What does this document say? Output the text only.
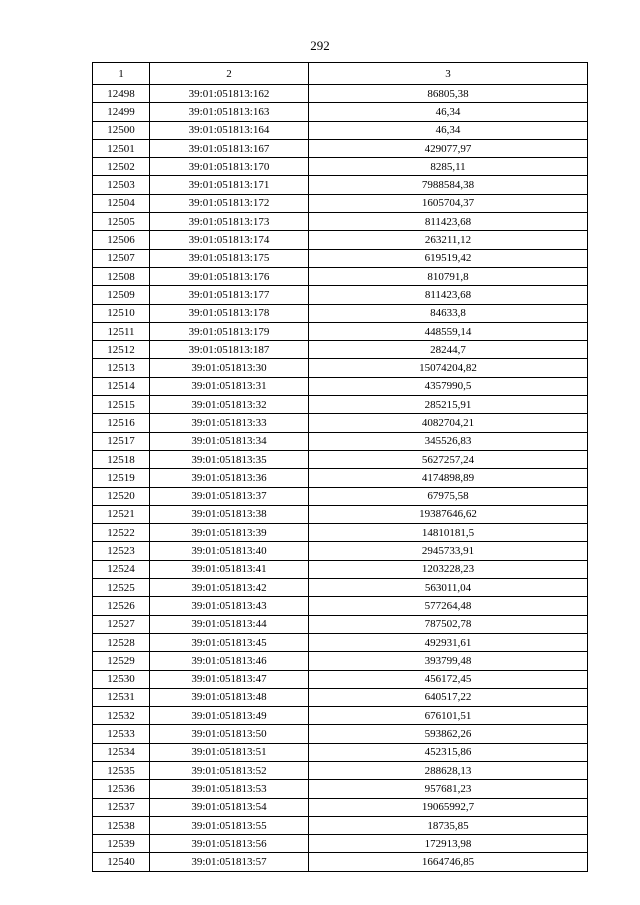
292
1	2	3
12498	39:01:051813:162	86805,38
12499	39:01:051813:163	46,34
12500	39:01:051813:164	46,34
12501	39:01:051813:167	429077,97
12502	39:01:051813:170	8285,11
12503	39:01:051813:171	7988584,38
12504	39:01:051813:172	1605704,37
12505	39:01:051813:173	811423,68
12506	39:01:051813:174	263211,12
12507	39:01:051813:175	619519,42
12508	39:01:051813:176	810791,8
12509	39:01:051813:177	811423,68
12510	39:01:051813:178	84633,8
12511	39:01:051813:179	448559,14
12512	39:01:051813:187	28244,7
12513	39:01:051813:30	15074204,82
12514	39:01:051813:31	4357990,5
12515	39:01:051813:32	285215,91
12516	39:01:051813:33	4082704,21
12517	39:01:051813:34	345526,83
12518	39:01:051813:35	5627257,24
12519	39:01:051813:36	4174898,89
12520	39:01:051813:37	67975,58
12521	39:01:051813:38	19387646,62
12522	39:01:051813:39	14810181,5
12523	39:01:051813:40	2945733,91
12524	39:01:051813:41	1203228,23
12525	39:01:051813:42	563011,04
12526	39:01:051813:43	577264,48
12527	39:01:051813:44	787502,78
12528	39:01:051813:45	492931,61
12529	39:01:051813:46	393799,48
12530	39:01:051813:47	456172,45
12531	39:01:051813:48	640517,22
12532	39:01:051813:49	676101,51
12533	39:01:051813:50	593862,26
12534	39:01:051813:51	452315,86
12535	39:01:051813:52	288628,13
12536	39:01:051813:53	957681,23
12537	39:01:051813:54	19065992,7
12538	39:01:051813:55	18735,85
12539	39:01:051813:56	172913,98
12540	39:01:051813:57	1664746,85
